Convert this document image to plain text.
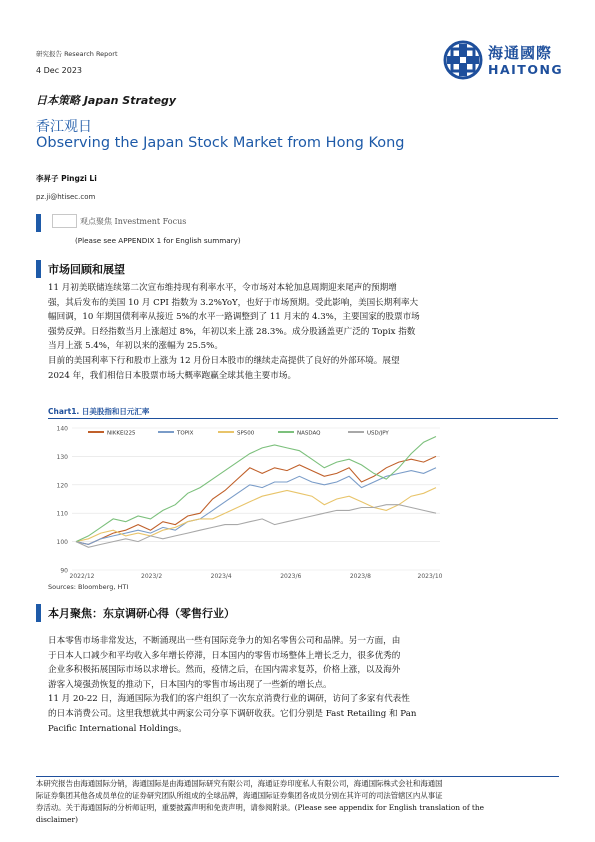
研究报告 Research Report
4 Dec 2023
日本策略 Japan Strategy
香江观日
Observing the Japan Stock Market from Hong Kong
海通國際
HAITONG
李昇子 Pingzi Li
pz.ji@htisec.com
观点聚焦 Investment Focus
(Please see APPENDIX 1 for English summary)
市场回顾和展望
11 月初美联储连续第二次宣布维持现有利率水平，令市场对本轮加息周期迎来尾声的预期增
强，其后发布的美国 10 月 CPI 指数为 3.2%YoY，也好于市场预期。受此影响，美国长期利率大
幅回调，10 年期国债利率从接近 5%的水平一路调整到了 11 月末的 4.3%，主要国家的股票市场
强势反弹。日经指数当月上涨超过 8%，年初以来上涨 28.3%。成分股涵盖更广泛的 Topix 指数
当月上涨 5.4%，年初以来的涨幅为 25.5%。
目前的美国利率下行和股市上涨为 12 月份日本股市的继续走高提供了良好的外部环境。展望
2024 年，我们相信日本股票市场大概率跑赢全球其他主要市场。
Chart1. 日美股指和日元汇率
90
100
110
120
130
140
2022/12	2023/2	2023/4	2023/6	2023/8	2023/10
NIKKEI225	TOPIX	SP500	NASDAQ	USD/JPY
Sources: Bloomberg, HTI
本月聚焦：东京调研心得（零售行业）
日本零售市场非常发达，不断涌现出一些有国际竞争力的知名零售公司和品牌。另一方面，由
于日本人口减少和平均收入多年增长停滞，日本国内的零售市场整体上增长乏力，很多优秀的
企业多积极拓展国际市场以求增长。然而，疫情之后，在国内需求复苏，价格上涨，以及海外
游客入境强劲恢复的推动下，日本国内的零售市场出现了一些新的增长点。
11 月 20-22 日，海通国际为我们的客户组织了一次东京消费行业的调研，访问了多家有代表性
的日本消费公司。这里我想就其中两家公司分享下调研收获。它们分别是 Fast Retailing 和 Pan
Pacific International Holdings。
本研究报告由海通国际分销，海通国际是由海通国际研究有限公司，海通证券印度私人有限公司，海通国际株式会社和海通国
际证券集团其他各成员单位的证券研究团队所组成的全球品牌，海通国际证券集团各成员分别在其许可的司法管辖区内从事证
券活动。关于海通国际的分析师证明，重要披露声明和免责声明，请参阅附录。(Please see appendix for English translation of the
disclaimer)
